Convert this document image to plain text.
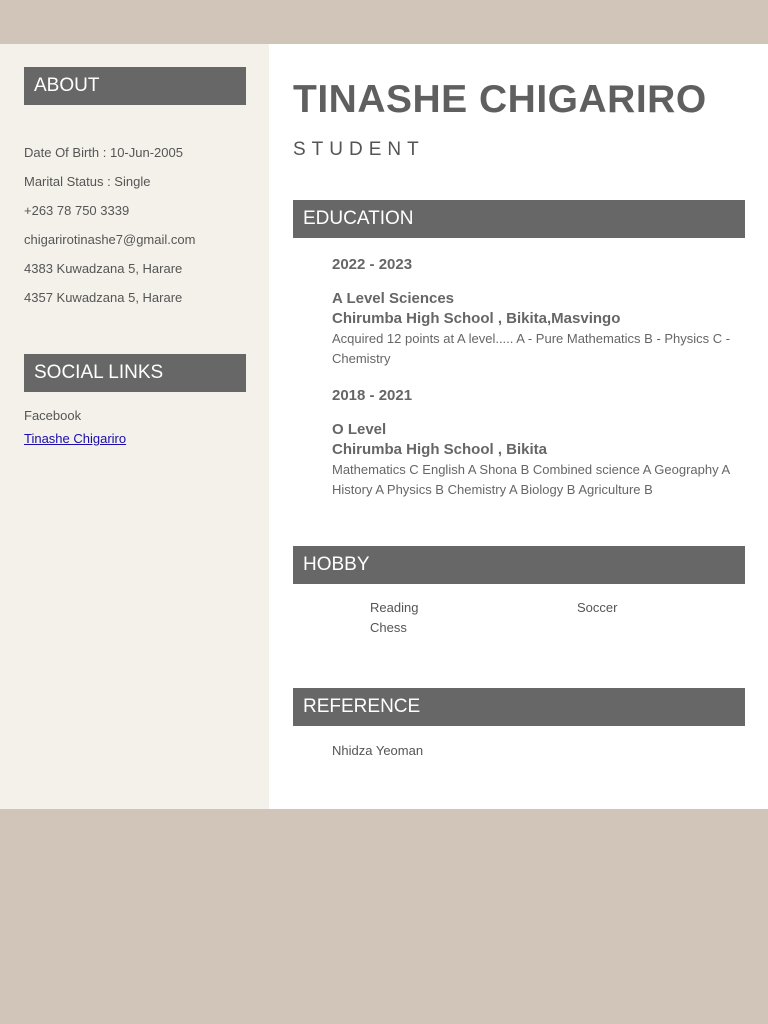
ABOUT
Date Of Birth : 10-Jun-2005
Marital Status : Single
+263 78 750 3339
chigarirotinashe7@gmail.com
4383 Kuwadzana 5, Harare
4357 Kuwadzana 5, Harare
SOCIAL LINKS
Facebook
Tinashe Chigariro
TINASHE CHIGARIRO

STUDENT

EDUCATION
2022 - 2023
A Level Sciences
Chirumba High School , Bikita,Masvingo
Acquired 12 points at A level..... A - Pure Mathematics B - Physics C - Chemistry
2018 - 2021
O Level
Chirumba High School , Bikita
Mathematics C English A Shona B Combined science A Geography A History A Physics B Chemistry A Biology B Agriculture B
HOBBY
Reading	Soccer
Chess
REFERENCE
Nhidza Yeoman
